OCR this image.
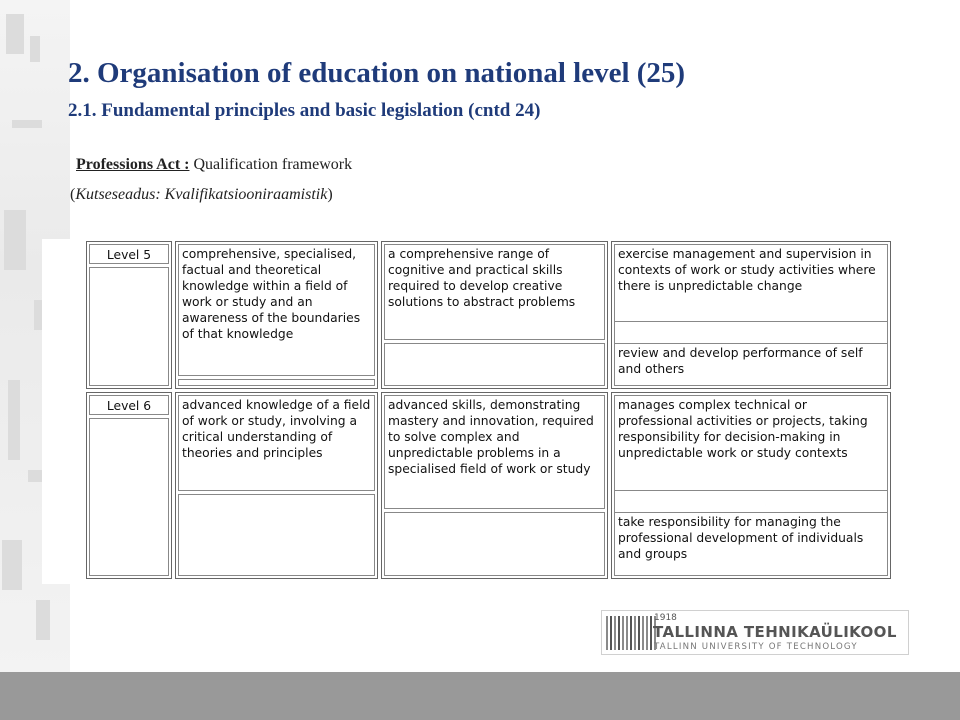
2. Organisation of education on national level (25)
2.1. Fundamental principles and basic legislation (cntd 24)
Professions Act : Qualification framework
(Kutseseadus: Kvalifikatsiooniraamistik)
Level 5	comprehensive, specialised, factual and theoretical knowledge within a field of work or study and an awareness of the boundaries of that knowledge
a comprehensive range of cognitive and practical skills required to develop creative solutions to abstract problems
exercise management and supervision in contexts of work or study activities where there is unpredictable change
review and develop performance of self and others
Level 6	advanced knowledge of a field of work or study, involving a critical understanding of theories and principles
advanced skills, demonstrating mastery and innovation, required to solve complex and unpredictable problems in a specialised field of work or study
manages complex technical or professional activities or projects, taking responsibility for decision-making in unpredictable work or study contexts
take responsibility for managing the professional development of individuals and groups
1918
TALLINNA TEHNIKAÜLIKOOL
TALLINN UNIVERSITY OF TECHNOLOGY
